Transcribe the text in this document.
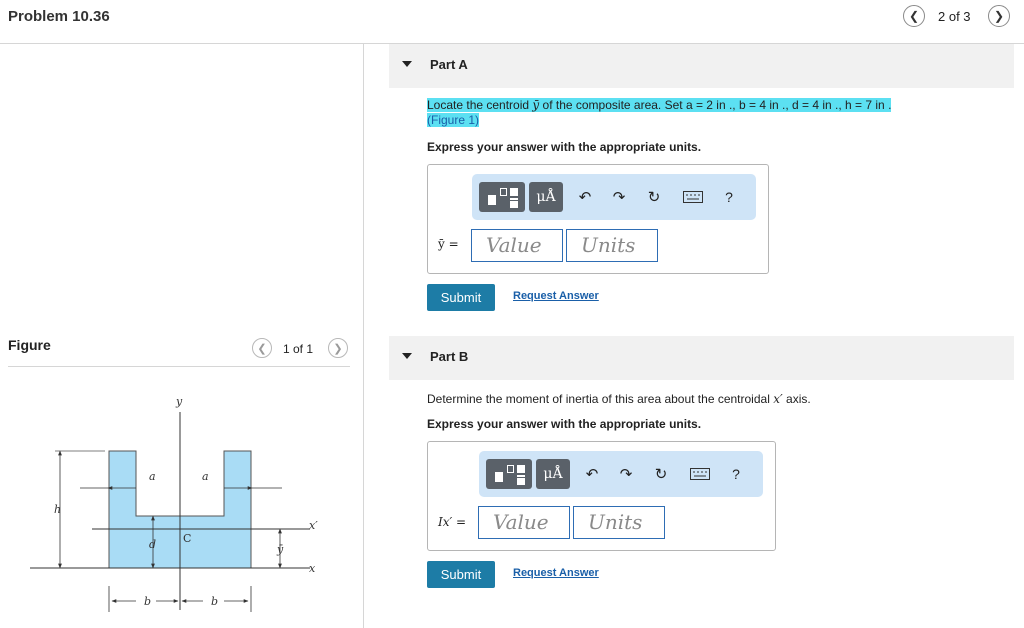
Problem 10.36	❮ 2 of 3 ❯
Figure	❮ 1 of 1 ❯
y
x
x′
a	a
h
d C
ȳ
b	b
Part A
Locate the centroid ȳ of the composite area. Set a = 2 in ., b = 4 in ., d = 4 in ., h = 7 in .
(Figure 1)
Express your answer with the appropriate units.
μÅ	↶ ↷ ↻	?
ȳ =	Value	Units
Submit	Request Answer
Part B
Determine the moment of inertia of this area about the centroidal x′ axis.
Express your answer with the appropriate units.
μÅ	↶ ↷ ↻	?
Ix′ =	Value	Units
Submit	Request Answer
